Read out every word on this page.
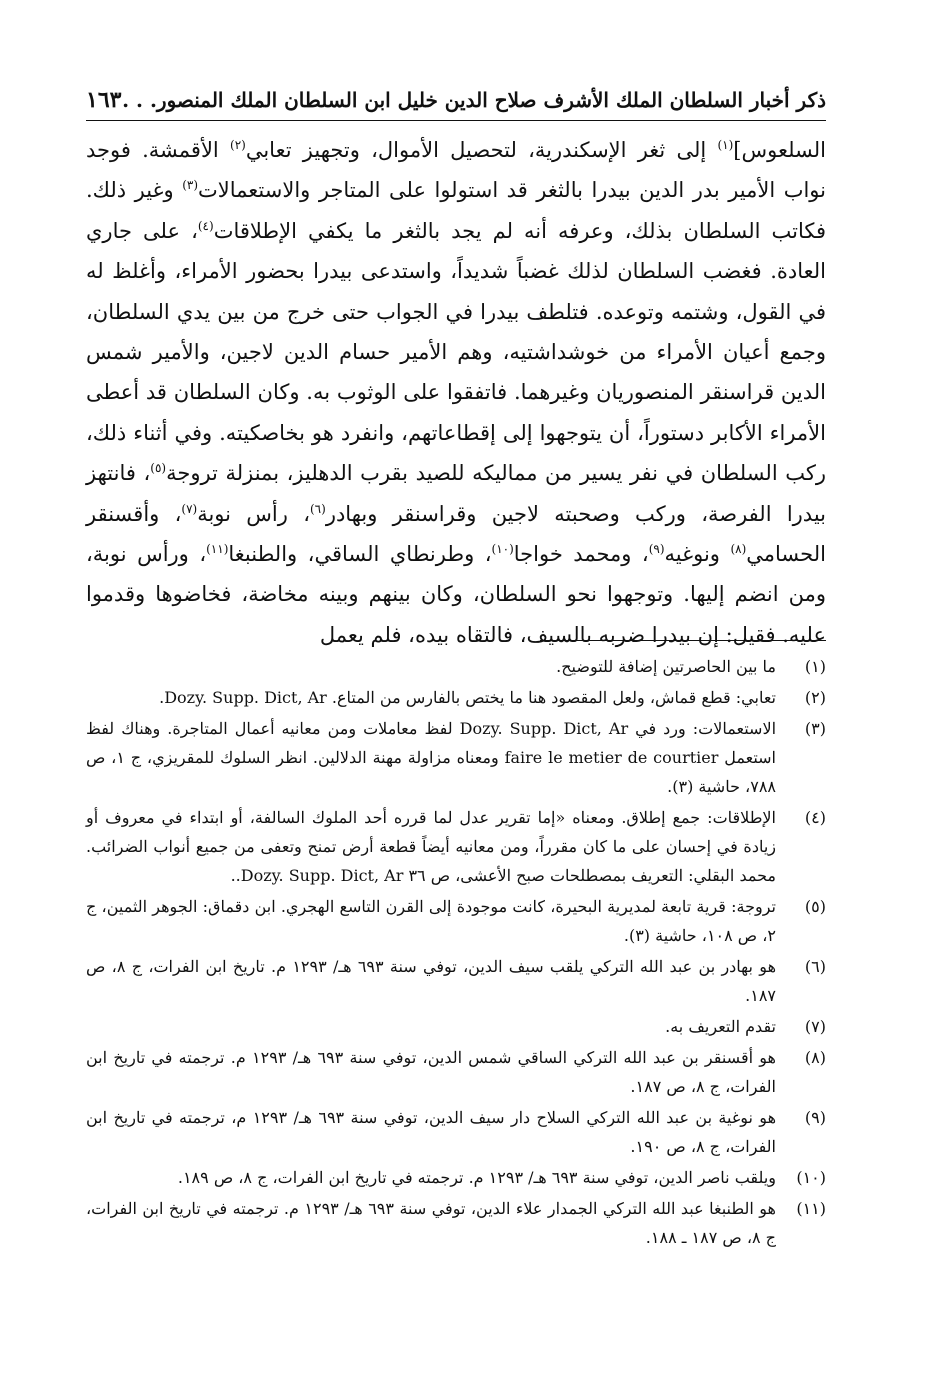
ذكر أخبار السلطان الملك الأشرف صلاح الدين خليل ابن السلطان الملك المنصور. . .
١٦٣

السلعوس]$^{(١)}$ إلى ثغر الإسكندرية، لتحصيل الأموال، وتجهيز تعابي$^{(٢)}$ الأقمشة. فوجد نواب الأمير بدر الدين بيدرا بالثغر قد استولوا على المتاجر والاستعمالات$^{(٣)}$ وغير ذلك. فكاتب السلطان بذلك، وعرفه أنه لم يجد بالثغر ما يكفي الإطلاقات$^{(٤)}$، على جاري العادة. فغضب السلطان لذلك غضباً شديداً، واستدعى بيدرا بحضور الأمراء، وأغلظ له في القول، وشتمه وتوعده. فتلطف بيدرا في الجواب حتى خرج من بين يدي السلطان، وجمع أعيان الأمراء من خوشداشتيه، وهم الأمير حسام الدين لاجين، والأمير شمس الدين قراسنقر المنصوريان وغيرهما. فاتفقوا على الوثوب به. وكان السلطان قد أعطى الأمراء الأكابر دستوراً، أن يتوجهوا إلى إقطاعاتهم، وانفرد هو بخاصكيته. وفي أثناء ذلك، ركب السلطان في نفر يسير من مماليكه للصيد بقرب الدهليز، بمنزلة تروجة$^{(٥)}$، فانتهز بيدرا الفرصة، وركب وصحبته لاجين وقراسنقر وبهادر$^{(٦)}$، رأس نوبة$^{(٧)}$، وأقسنقر الحسامي$^{(٨)}$ ونوغيه$^{(٩)}$، ومحمد خواجا$^{(١٠)}$، وطرنطاي الساقي، والطنبغا$^{(١١)}$، ورأس نوبة، ومن انضم إليها. وتوجهوا نحو السلطان، وكان بينهم وبينه مخاضة، فخاضوها وقدموا عليه. فقيل: إن بيدرا ضربه بالسيف، فالتقاه بيده، فلم يعمل

(١)
ما بين الحاصرتين إضافة للتوضيح.
(٢)
تعابي: قطع قماش، ولعل المقصود هنا ما يختص بالفارس من المتاع. Dozy. Supp. Dict, Ar.
(٣)
الاستعمالات: ورد في Dozy. Supp. Dict, Ar لفظ معاملات ومن معانيه أعمال المتاجرة. وهناك لفظ استعمل faire le metier de courtier ومعناه مزاولة مهنة الدلالين. انظر السلوك للمقريزي، ج ١، ص ٧٨٨، حاشية (٣).
(٤)
الإطلاقات: جمع إطلاق. ومعناه «إما تقرير عدل لما قرره أحد الملوك السالفة، أو ابتداء في معروف أو زيادة في إحسان على ما كان مقرراً، ومن معانيه أيضاً قطعة أرض تمنح وتعفى من جميع أنواب الضرائب. محمد البقلي: التعريف بمصطلحات صبح الأعشى، ص ٣٦ Dozy. Supp. Dict, Ar..
(٥)
تروجة: قرية تابعة لمديرية البحيرة، كانت موجودة إلى القرن التاسع الهجري. ابن دقماق: الجوهر الثمين، ج ٢، ص ١٠٨، حاشية (٣).
(٦)
هو بهادر بن عبد الله التركي يلقب سيف الدين، توفي سنة ٦٩٣ هـ/ ١٢٩٣ م. تاريخ ابن الفرات، ج ٨، ص ١٨٧.
(٧)
تقدم التعريف به.
(٨)
هو أقسنقر بن عبد الله التركي الساقي شمس الدين، توفي سنة ٦٩٣ هـ/ ١٢٩٣ م. ترجمته في تاريخ ابن الفرات، ج ٨، ص ١٨٧.
(٩)
هو نوغية بن عبد الله التركي السلاح دار سيف الدين، توفي سنة ٦٩٣ هـ/ ١٢٩٣ م، ترجمته في تاريخ ابن الفرات، ج ٨، ص ١٩٠.
(١٠)
ويلقب ناصر الدين، توفي سنة ٦٩٣ هـ/ ١٢٩٣ م. ترجمته في تاريخ ابن الفرات، ج ٨، ص ١٨٩.
(١١)
هو الطنبغا عبد الله التركي الجمدار علاء الدين، توفي سنة ٦٩٣ هـ/ ١٢٩٣ م. ترجمته في تاريخ ابن الفرات، ج ٨، ص ١٨٧ ـ ١٨٨.
